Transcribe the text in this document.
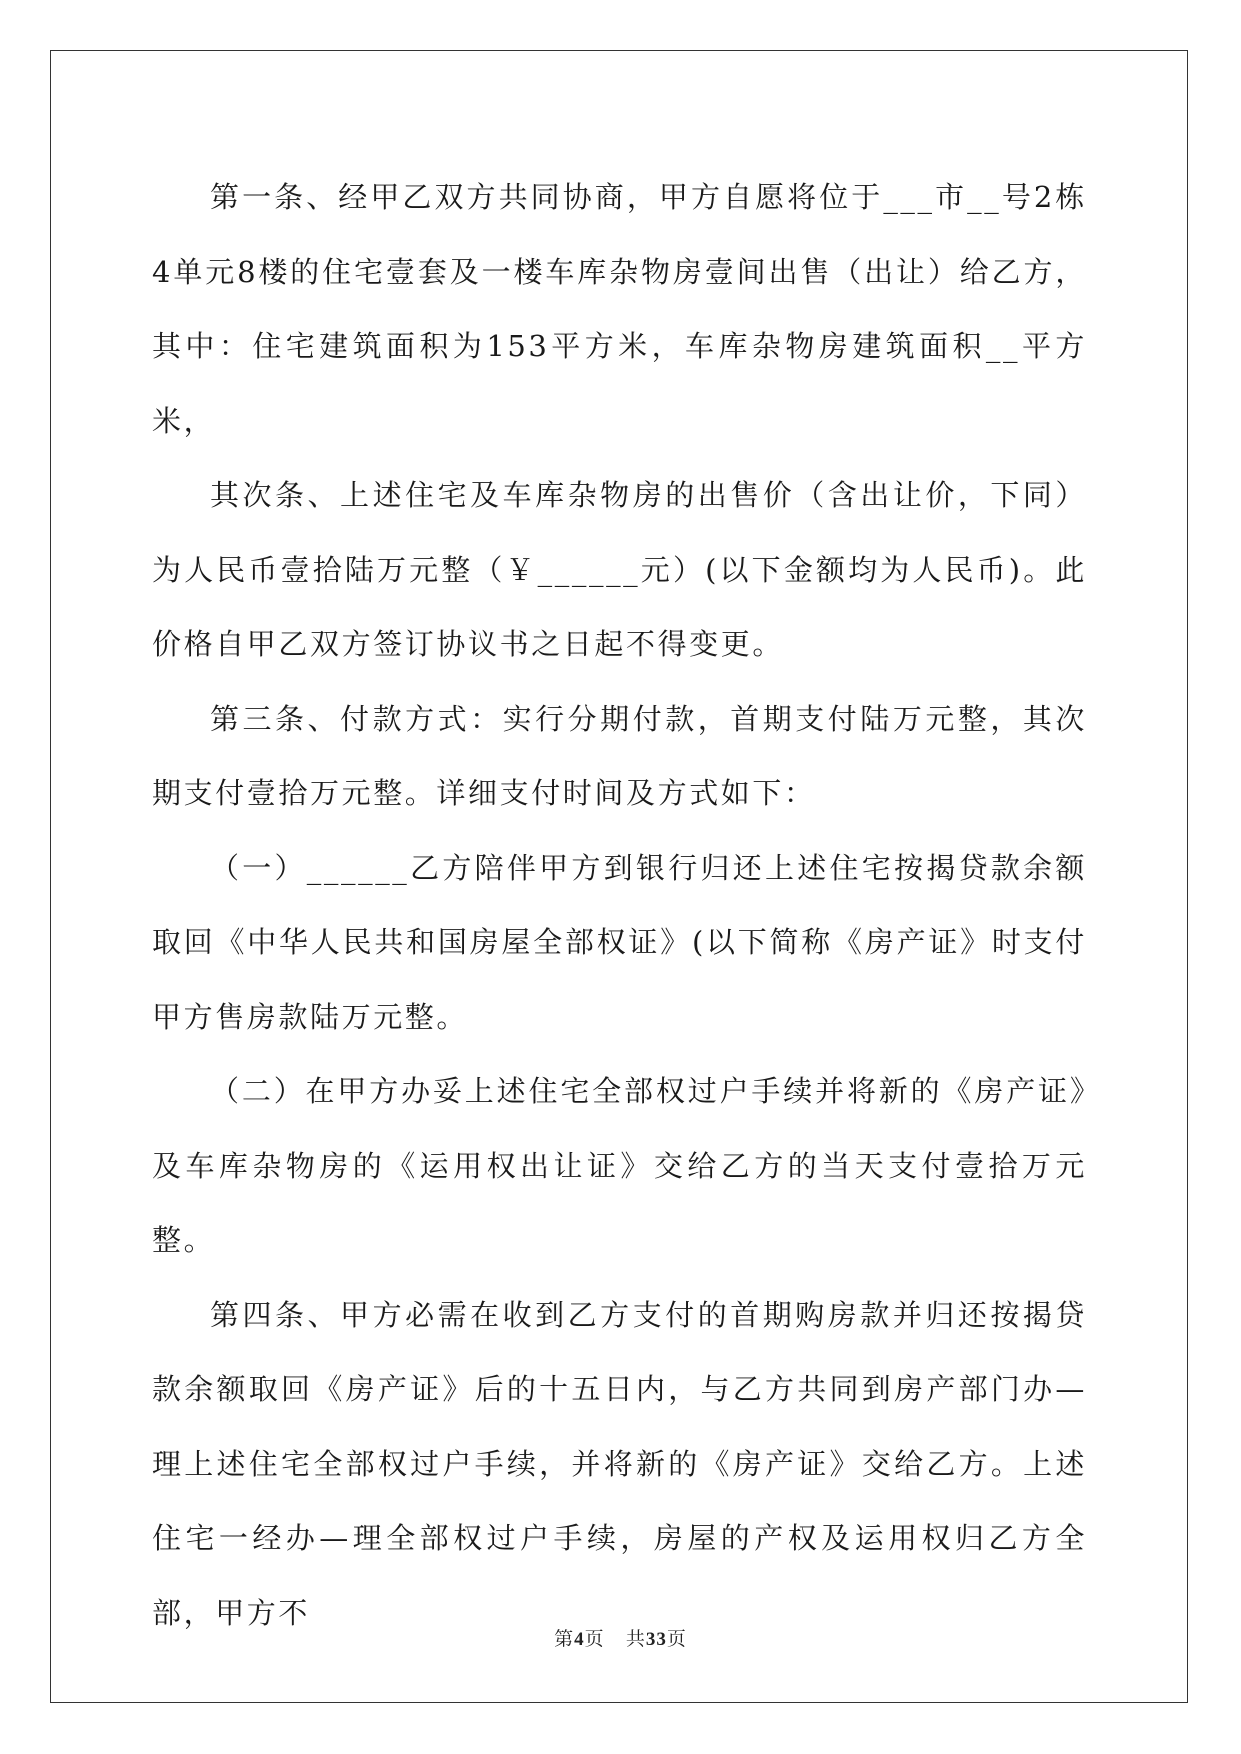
第一条、经甲乙双方共同协商，甲方自愿将位于___市__号2栋4单元8楼的住宅壹套及一楼车库杂物房壹间出售（出让）给乙方，其中：住宅建筑面积为153平方米，车库杂物房建筑面积__平方米，

其次条、上述住宅及车库杂物房的出售价（含出让价，下同）为人民币壹拾陆万元整（￥______元）(以下金额均为人民币)。此价格自甲乙双方签订协议书之日起不得变更。

第三条、付款方式：实行分期付款，首期支付陆万元整，其次期支付壹拾万元整。详细支付时间及方式如下：

（一）______乙方陪伴甲方到银行归还上述住宅按揭贷款余额取回《中华人民共和国房屋全部权证》(以下简称《房产证》时支付甲方售房款陆万元整。

（二）在甲方办妥上述住宅全部权过户手续并将新的《房产证》及车库杂物房的《运用权出让证》交给乙方的当天支付壹拾万元整。

第四条、甲方必需在收到乙方支付的首期购房款并归还按揭贷款余额取回《房产证》后的十五日内，与乙方共同到房产部门办—理上述住宅全部权过户手续，并将新的《房产证》交给乙方。上述住宅一经办—理全部权过户手续，房屋的产权及运用权归乙方全部，甲方不

第4页 共33页
